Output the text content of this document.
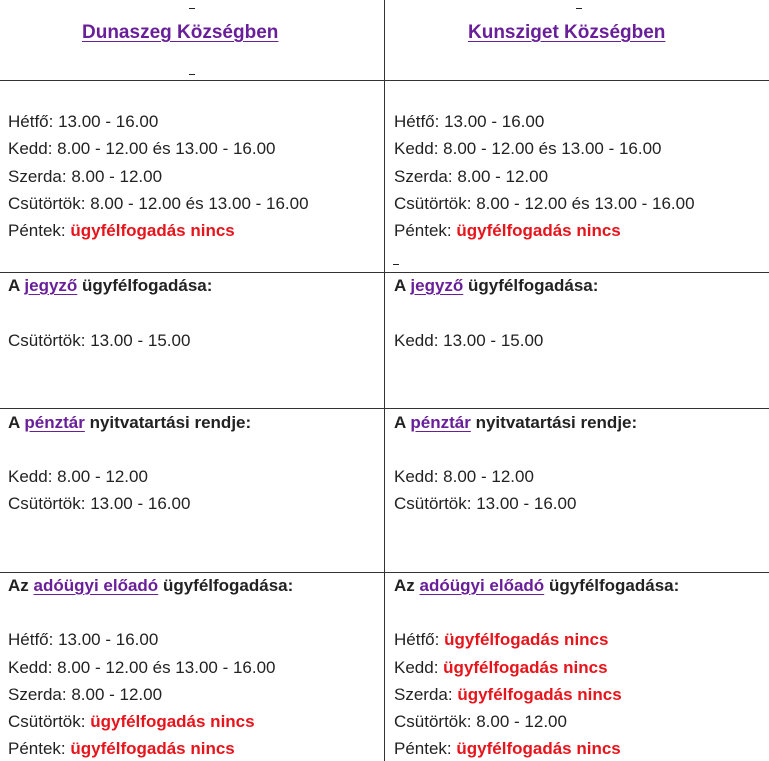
Dunaszeg Községben
Hétfő: 13.00 - 16.00
Kedd: 8.00 - 12.00 és 13.00 - 16.00
Szerda: 8.00 - 12.00
Csütörtök: 8.00 - 12.00 és 13.00 - 16.00
Péntek: ügyfélfogadás nincs
A jegyző ügyfélfogadása:
Csütörtök: 13.00 - 15.00
A pénztár nyitvatartási rendje:
Kedd: 8.00 - 12.00
Csütörtök: 13.00 - 16.00
Az adóügyi előadó ügyfélfogadása:
Hétfő: 13.00 - 16.00
Kedd: 8.00 - 12.00 és 13.00 - 16.00
Szerda: 8.00 - 12.00
Csütörtök: ügyfélfogadás nincs
Péntek: ügyfélfogadás nincs
Kunsziget Községben
Hétfő: 13.00 - 16.00
Kedd: 8.00 - 12.00 és 13.00 - 16.00
Szerda: 8.00 - 12.00
Csütörtök: 8.00 - 12.00 és 13.00 - 16.00
Péntek: ügyfélfogadás nincs
A jegyző ügyfélfogadása:
Kedd: 13.00 - 15.00
A pénztár nyitvatartási rendje:
Kedd: 8.00 - 12.00
Csütörtök: 13.00 - 16.00
Az adóügyi előadó ügyfélfogadása:
Hétfő: ügyfélfogadás nincs
Kedd: ügyfélfogadás nincs
Szerda: ügyfélfogadás nincs
Csütörtök: 8.00 - 12.00
Péntek: ügyfélfogadás nincs
